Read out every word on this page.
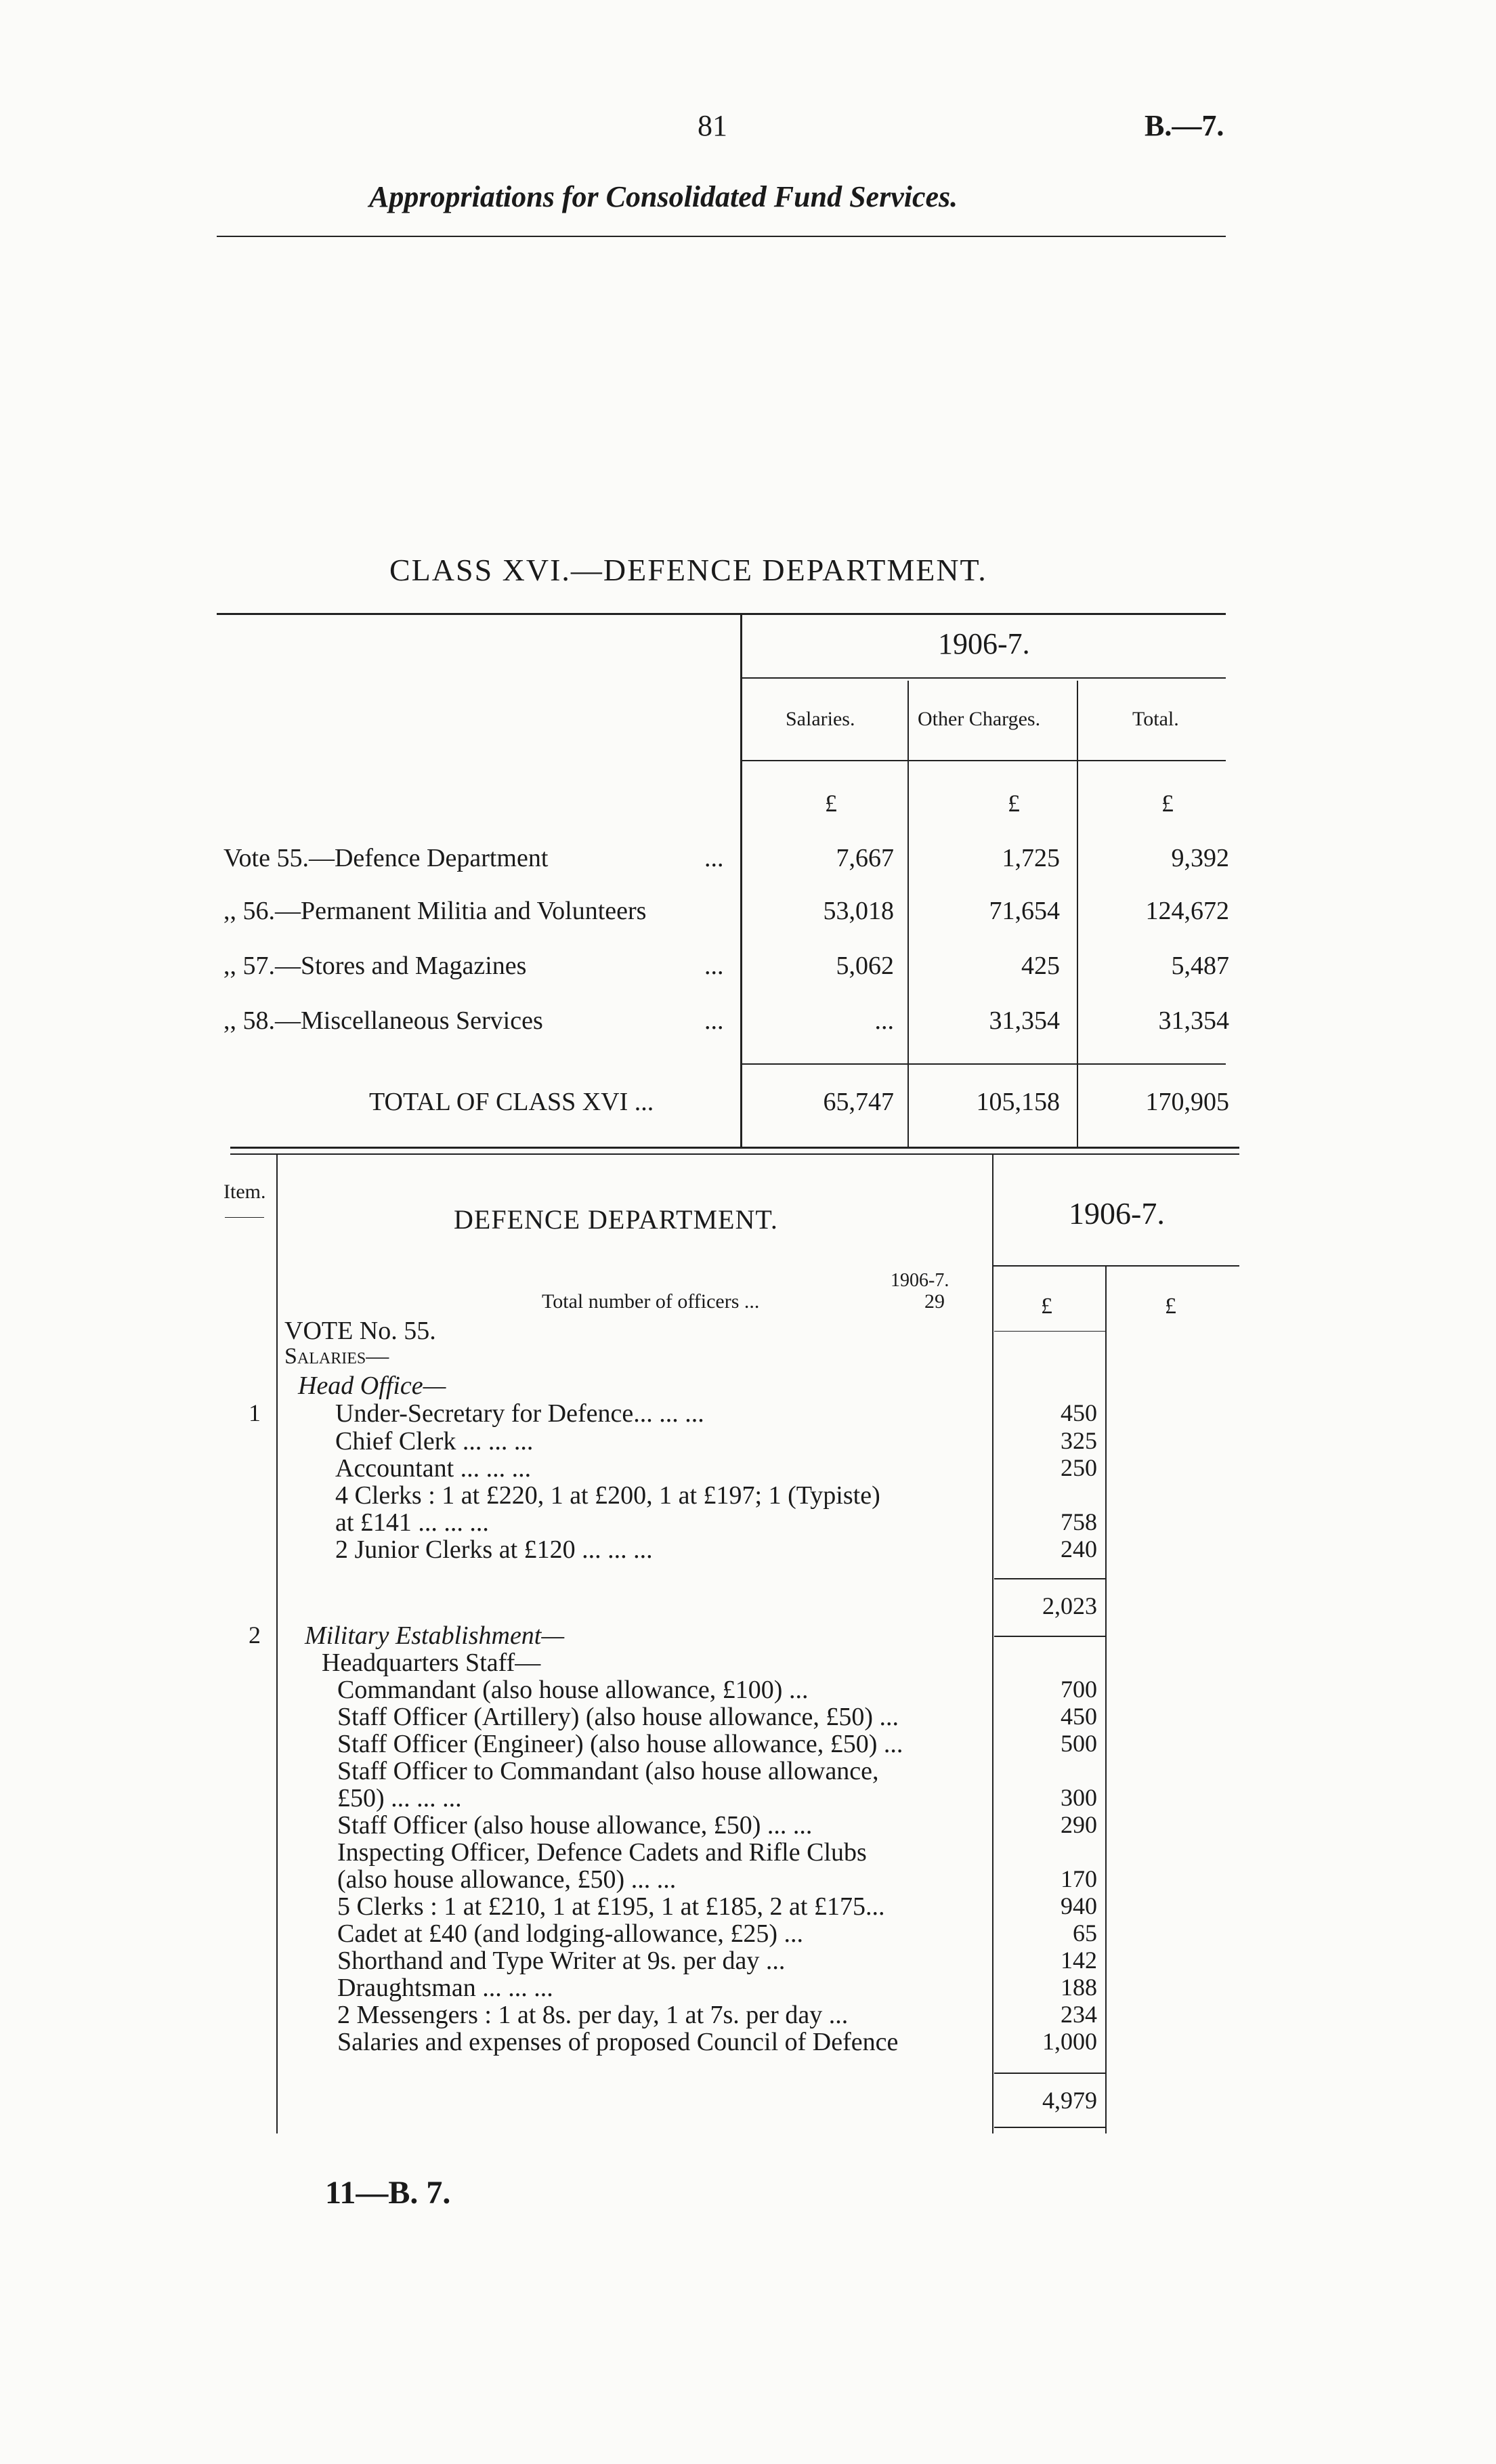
81	B.—7.
Appropriations for Consolidated Fund Services.
CLASS XVI.—DEFENCE DEPARTMENT.
1906-7.
Salaries.	Other Charges.	Total.
£	£	£
Vote 55.—Defence Department	...	7,667	1,725	9,392
,, 56.—Permanent Militia and Volunteers	53,018	71,654	124,672
,, 57.—Stores and Magazines	...	5,062	425	5,487
,, 58.—Miscellaneous Services	...	...	31,354	31,354
TOTAL OF CLASS XVI ...	65,747	105,158	170,905
Item.
DEFENCE DEPARTMENT.	1906-7.
1906-7.
Total number of officers ...	29	£	£
VOTE No. 55.
Salaries—
Head Office—
1	Under-Secretary for Defence... ... ...	450
Chief Clerk ... ... ...	325
Accountant ... ... ...	250
4 Clerks : 1 at £220, 1 at £200, 1 at £197; 1 (Typiste)
at £141 ... ... ...	758
2 Junior Clerks at £120 ... ... ...	240
2,023
2 Military Establishment—
Headquarters Staff—
Commandant (also house allowance, £100) ...	700
Staff Officer (Artillery) (also house allowance, £50) ...	450
Staff Officer (Engineer) (also house allowance, £50) ...	500
Staff Officer to Commandant (also house allowance,
£50) ... ... ...	300
Staff Officer (also house allowance, £50) ... ...	290
Inspecting Officer, Defence Cadets and Rifle Clubs
(also house allowance, £50) ... ...	170
5 Clerks : 1 at £210, 1 at £195, 1 at £185, 2 at £175...	940
Cadet at £40 (and lodging-allowance, £25) ...	65
Shorthand and Type Writer at 9s. per day ...	142
Draughtsman ... ... ...	188
2 Messengers : 1 at 8s. per day, 1 at 7s. per day ...	234
Salaries and expenses of proposed Council of Defence	1,000
4,979
11—B. 7.
